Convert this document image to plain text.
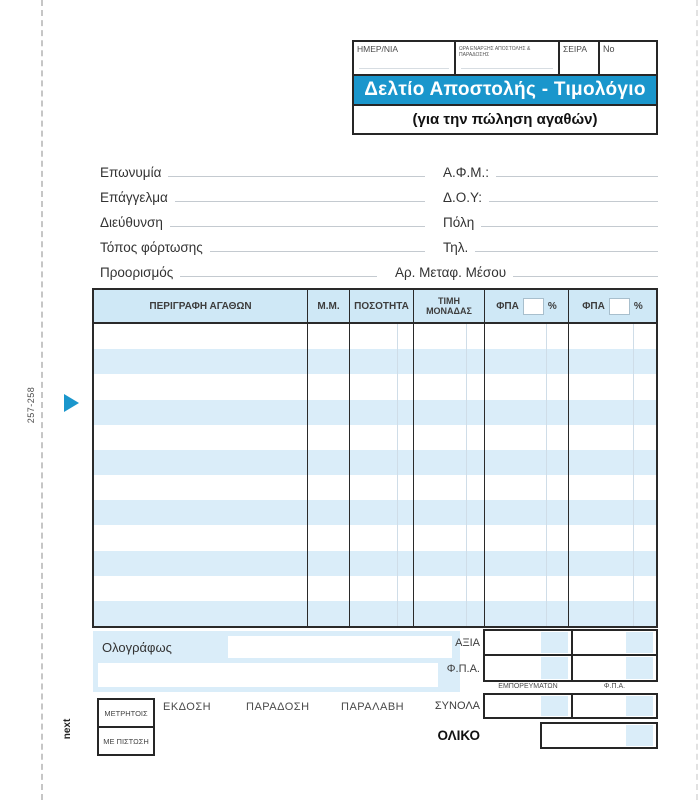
257-258
next
ΗΜΕΡ/ΝΙΑ	ΩΡΑ ΕΝΑΡΞΗΣ ΑΠΟΣΤΟΛΗΣ & ΠΑΡΑΔΟΣΗΣ
ΣΕΙΡΑ	No
Δελτίο Αποστολής - Τιμολόγιο
(για την πώληση αγαθών)
Επωνυμία	Α.Φ.Μ.:
Επάγγελμα	Δ.Ο.Υ:
Διεύθυνση	Πόλη
Τόπος φόρτωσης	Τηλ.
Προορισμός	Αρ. Μεταφ. Μέσου
ΠΕΡΙΓΡΑΦΗ ΑΓΑΘΩΝ	Μ.Μ.	ΠΟΣΟΤΗΤΑ	ΤΙΜΗ ΜΟΝΑΔΑΣ	ΦΠΑ	%	ΦΠΑ	%
Ολογράφως
ΜΕΤΡΗΤΟΙΣ
ΜΕ ΠΙΣΤΩΣΗ
ΕΚΔΟΣΗ	ΠΑΡΑΔΟΣΗ	ΠΑΡΑΛΑΒΗ
ΑΞΙΑ
Φ.Π.Α.
ΣΥΝΟΛΑ
ΟΛΙΚΟ
ΕΜΠΟΡΕΥΜΑΤΩΝ	Φ.Π.Α.
